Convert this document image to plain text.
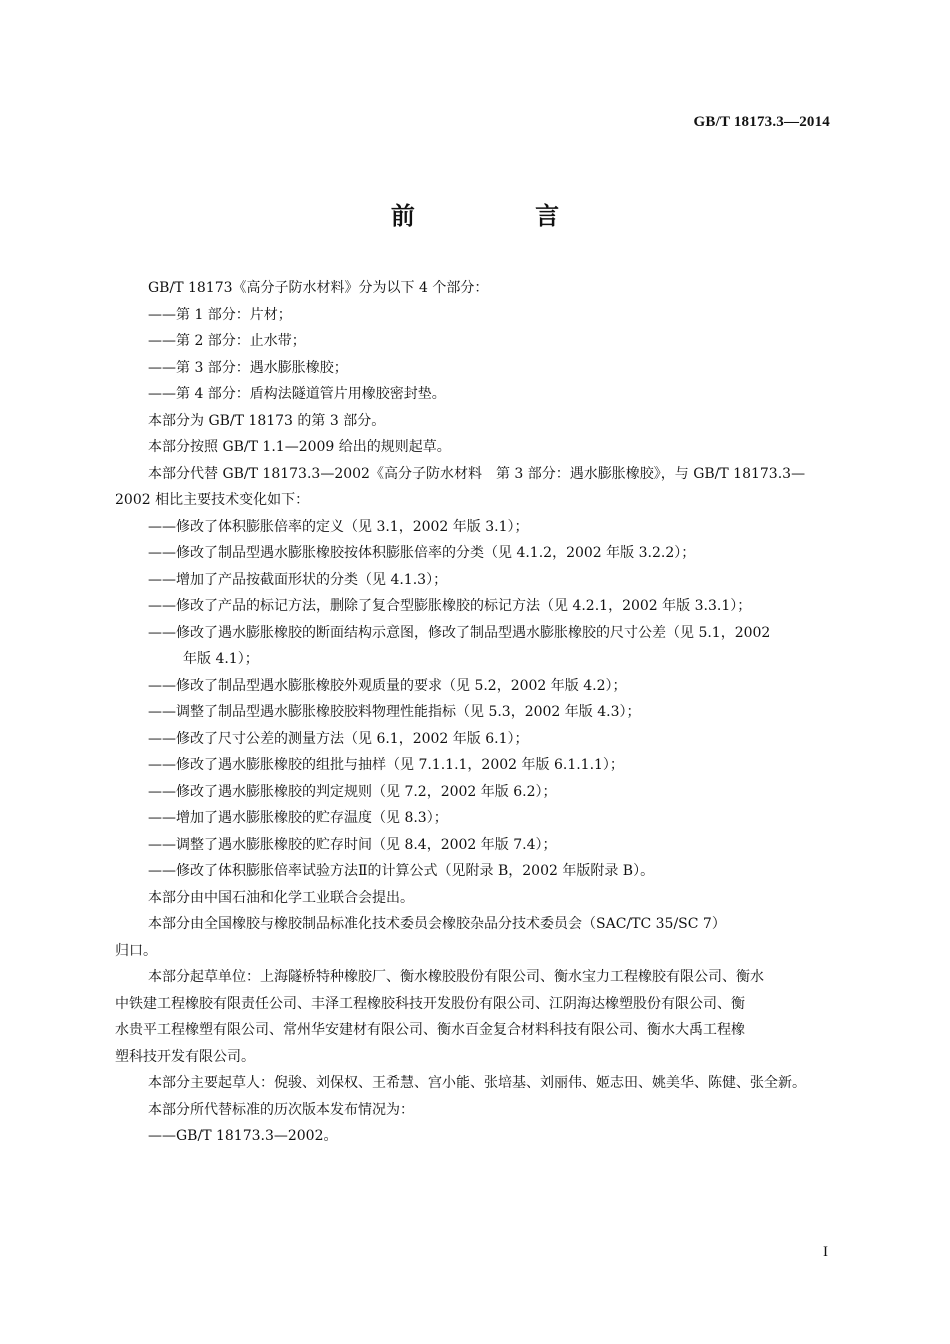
GB/T 18173.3—2014
前 言

GB/T 18173《高分子防水材料》分为以下 4 个部分：

——第 1 部分：片材；

——第 2 部分：止水带；

——第 3 部分：遇水膨胀橡胶；

——第 4 部分：盾构法隧道管片用橡胶密封垫。

本部分为 GB/T 18173 的第 3 部分。

本部分按照 GB/T 1.1—2009 给出的规则起草。

本部分代替 GB/T 18173.3—2002《高分子防水材料　第 3 部分：遇水膨胀橡胶》，与 GB/T 18173.3—

2002 相比主要技术变化如下：

——修改了体积膨胀倍率的定义（见 3.1，2002 年版 3.1）；

——修改了制品型遇水膨胀橡胶按体积膨胀倍率的分类（见 4.1.2，2002 年版 3.2.2）；

——增加了产品按截面形状的分类（见 4.1.3）；

——修改了产品的标记方法，删除了复合型膨胀橡胶的标记方法（见 4.2.1，2002 年版 3.3.1）；

——修改了遇水膨胀橡胶的断面结构示意图，修改了制品型遇水膨胀橡胶的尺寸公差（见 5.1，2002

年版 4.1）；

——修改了制品型遇水膨胀橡胶外观质量的要求（见 5.2，2002 年版 4.2）；

——调整了制品型遇水膨胀橡胶胶料物理性能指标（见 5.3，2002 年版 4.3）；

——修改了尺寸公差的测量方法（见 6.1，2002 年版 6.1）；

——修改了遇水膨胀橡胶的组批与抽样（见 7.1.1.1，2002 年版 6.1.1.1）；

——修改了遇水膨胀橡胶的判定规则（见 7.2，2002 年版 6.2）；

——增加了遇水膨胀橡胶的贮存温度（见 8.3）；

——调整了遇水膨胀橡胶的贮存时间（见 8.4，2002 年版 7.4）；

——修改了体积膨胀倍率试验方法Ⅱ的计算公式（见附录 B，2002 年版附录 B）。

本部分由中国石油和化学工业联合会提出。

本部分由全国橡胶与橡胶制品标准化技术委员会橡胶杂品分技术委员会（SAC/TC 35/SC 7）

归口。

本部分起草单位：上海隧桥特种橡胶厂、衡水橡胶股份有限公司、衡水宝力工程橡胶有限公司、衡水

中铁建工程橡胶有限责任公司、丰泽工程橡胶科技开发股份有限公司、江阴海达橡塑股份有限公司、衡

水贵平工程橡塑有限公司、常州华安建材有限公司、衡水百金复合材料科技有限公司、衡水大禹工程橡

塑科技开发有限公司。

本部分主要起草人：倪骏、刘保权、王希慧、宫小能、张培基、刘丽伟、姬志田、姚美华、陈健、张全新。

本部分所代替标准的历次版本发布情况为：

——GB/T 18173.3—2002。

I
